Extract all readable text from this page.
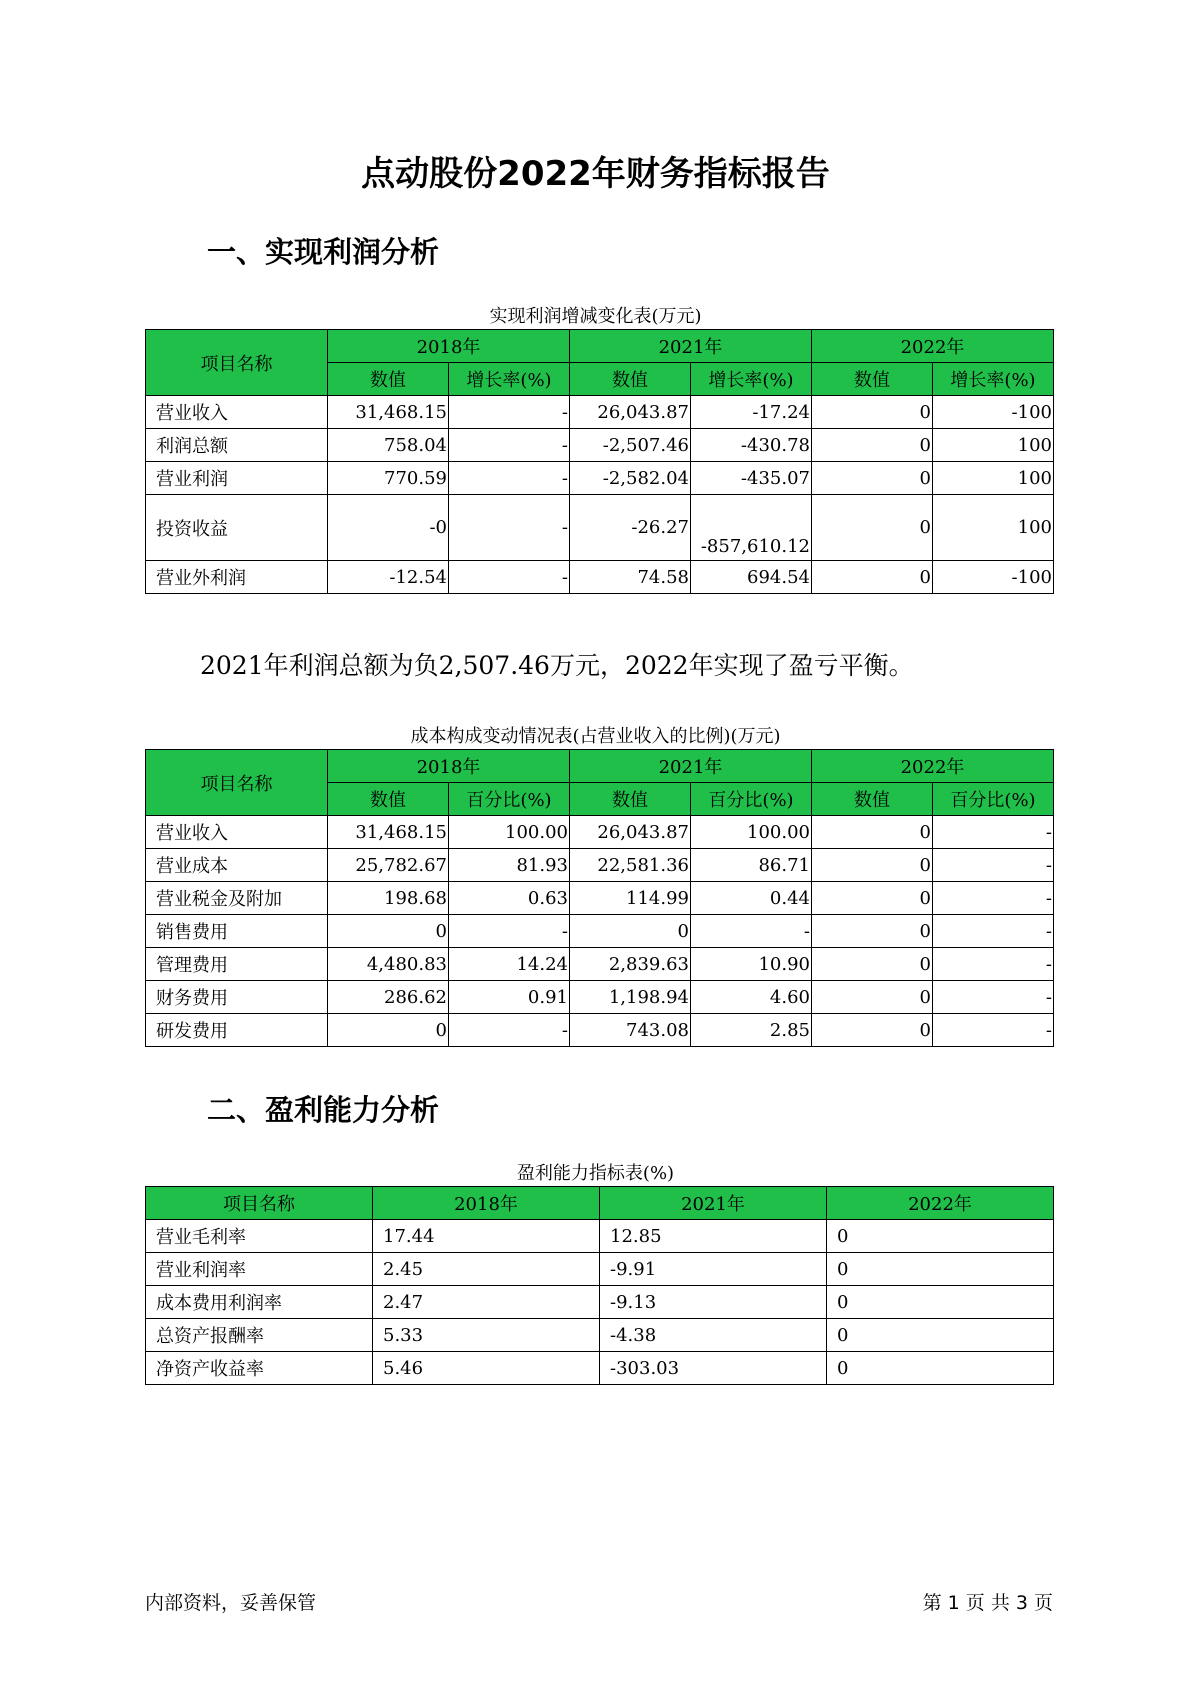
点动股份2022年财务指标报告
一、实现利润分析
实现利润增减变化表(万元)
项目名称	2018年		2021年		2022年	
	数值	增长率(%)	数值	增长率(%)	数值	增长率(%)
营业收入	31,468.15	-	26,043.87	-17.24	0	-100
利润总额	758.04	-	-2,507.46	-430.78	0	100
营业利润	770.59	-	-2,582.04	-435.07	0	100
投资收益	-0	-	-26.27	-857,610.12	0	100
营业外利润	-12.54	-	74.58	694.54	0	-100
2021年利润总额为负2,507.46万元，2022年实现了盈亏平衡。
成本构成变动情况表(占营业收入的比例)(万元)
项目名称	2018年		2021年		2022年	
	数值	百分比(%)	数值	百分比(%)	数值	百分比(%)
营业收入	31,468.15	100.00	26,043.87	100.00	0	-
营业成本	25,782.67	81.93	22,581.36	86.71	0	-
营业税金及附加	198.68	0.63	114.99	0.44	0	-
销售费用	0	-	0	-	0	-
管理费用	4,480.83	14.24	2,839.63	10.90	0	-
财务费用	286.62	0.91	1,198.94	4.60	0	-
研发费用	0	-	743.08	2.85	0	-
二、盈利能力分析
盈利能力指标表(%)
项目名称	2018年	2021年	2022年
营业毛利率	17.44	12.85	0
营业利润率	2.45	-9.91	0
成本费用利润率	2.47	-9.13	0
总资产报酬率	5.33	-4.38	0
净资产收益率	5.46	-303.03	0
内部资料，妥善保管	第 1 页 共 3 页
